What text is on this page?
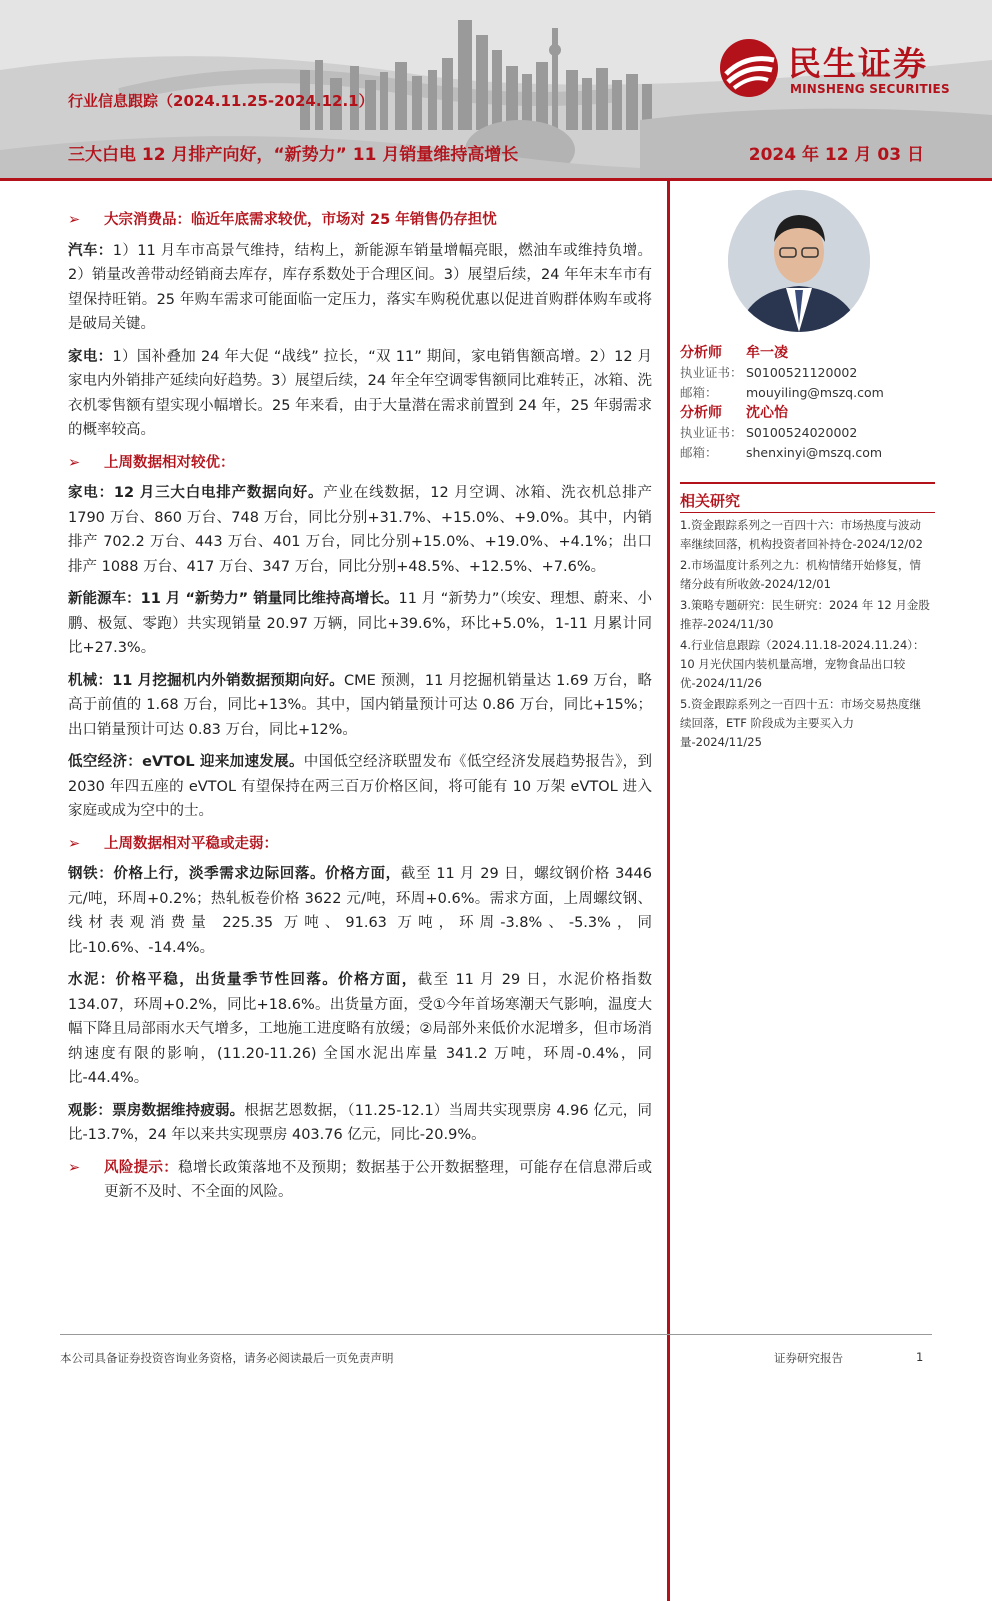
民生证券
MINSHENG SECURITIES
行业信息跟踪（2024.11.25-2024.12.1）
三大白电 12 月排产向好，“新势力” 11 月销量维持高增长	2024 年 12 月 03 日
➢	大宗消费品：临近年底需求较优，市场对 25 年销售仍存担忧

汽车：1）11 月车市高景气维持，结构上，新能源车销量增幅亮眼，燃油车或维持负增。2）销量改善带动经销商去库存，库存系数处于合理区间。3）展望后续，24 年年末车市有望保持旺销。25 年购车需求可能面临一定压力，落实车购税优惠以促进首购群体购车或将是破局关键。

家电：1）国补叠加 24 年大促 “战线” 拉长，“双 11” 期间，家电销售额高增。2）12 月家电内外销排产延续向好趋势。3）展望后续，24 年全年空调零售额同比难转正，冰箱、洗衣机零售额有望实现小幅增长。25 年来看，由于大量潜在需求前置到 24 年，25 年弱需求的概率较高。

➢	上周数据相对较优：

家电：12 月三大白电排产数据向好。产业在线数据，12 月空调、冰箱、洗衣机总排产 1790 万台、860 万台、748 万台，同比分别+31.7%、+15.0%、+9.0%。其中，内销排产 702.2 万台、443 万台、401 万台，同比分别+15.0%、+19.0%、+4.1%；出口排产 1088 万台、417 万台、347 万台，同比分别+48.5%、+12.5%、+7.6%。

新能源车：11 月 “新势力” 销量同比维持高增长。11 月 “新势力”（埃安、理想、蔚来、小鹏、极氪、零跑）共实现销量 20.97 万辆，同比+39.6%，环比+5.0%，1-11 月累计同比+27.3%。

机械：11 月挖掘机内外销数据预期向好。CME 预测，11 月挖掘机销量达 1.69 万台，略高于前值的 1.68 万台，同比+13%。其中，国内销量预计可达 0.86 万台，同比+15%；出口销量预计可达 0.83 万台，同比+12%。

低空经济：eVTOL 迎来加速发展。中国低空经济联盟发布《低空经济发展趋势报告》，到 2030 年四五座的 eVTOL 有望保持在两三百万价格区间，将可能有 10 万架 eVTOL 进入家庭或成为空中的士。

➢	上周数据相对平稳或走弱：

钢铁：价格上行，淡季需求边际回落。价格方面，截至 11 月 29 日，螺纹钢价格 3446 元/吨，环周+0.2%；热轧板卷价格 3622 元/吨，环周+0.6%。需求方面，上周螺纹钢、线材表观消费量 225.35 万吨、91.63 万吨，环周-3.8%、-5.3%，同比-10.6%、-14.4%。

水泥：价格平稳，出货量季节性回落。价格方面，截至 11 月 29 日，水泥价格指数 134.07，环周+0.2%，同比+18.6%。出货量方面，受①今年首场寒潮天气影响，温度大幅下降且局部雨水天气增多，工地施工进度略有放缓；②局部外来低价水泥增多，但市场消纳速度有限的影响，(11.20-11.26) 全国水泥出库量 341.2 万吨，环周-0.4%，同比-44.4%。

观影：票房数据维持疲弱。根据艺恩数据，（11.25-12.1）当周共实现票房 4.96 亿元，同比-13.7%，24 年以来共实现票房 403.76 亿元，同比-20.9%。

➢	风险提示：稳增长政策落地不及预期；数据基于公开数据整理，可能存在信息滞后或更新不及时、不全面的风险。

分析师	牟一凌
执业证书： S0100521120002
邮箱：	mouyiling@mszq.com
分析师	沈心怡
执业证书： S0100524020002
邮箱：	shenxinyi@mszq.com
相关研究
1.资金跟踪系列之一百四十六：市场热度与波动率继续回落，机构投资者回补持仓-2024/12/02
2.市场温度计系列之九：机构情绪开始修复，情绪分歧有所收敛-2024/12/01
3.策略专题研究：民生研究：2024 年 12 月金股推荐-2024/11/30
4.行业信息跟踪（2024.11.18-2024.11.24）：10 月光伏国内装机量高增，宠物食品出口较优-2024/11/26
5.资金跟踪系列之一百四十五：市场交易热度继续回落，ETF 阶段成为主要买入力量-2024/11/25
本公司具备证券投资咨询业务资格，请务必阅读最后一页免责声明	证券研究报告	1
